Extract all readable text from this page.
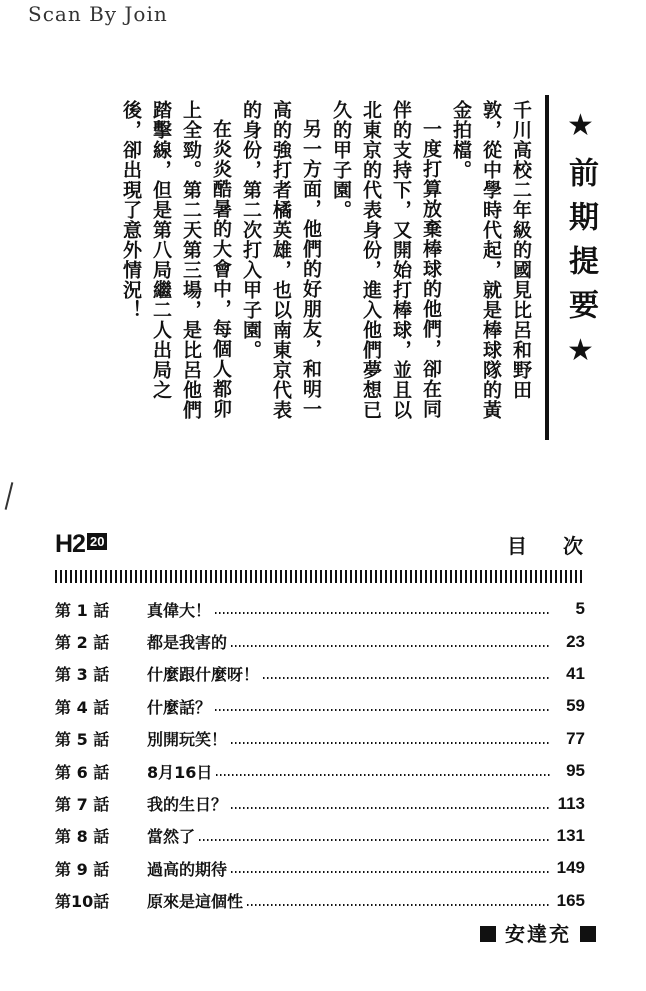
Scan By Join
★前期提要★

千川高校二年級的國見比呂和野田敦，從中學時代起，就是棒球隊的黃金拍檔。

一度打算放棄棒球的他們，卻在同伴的支持下，又開始打棒球，並且以北東京的代表身份，進入他們夢想已久的甲子園。

另一方面，他們的好朋友，和明一高的強打者橘英雄，也以南東京代表的身份，第二次打入甲子園。

在炎炎酷暑的大會中，每個人都卯上全勁。第二天第三場，是比呂他們踏擊線，但是第八局繼二人出局之後，卻出現了意外情況！

H2 20	目次
第 1 話	真偉大！	5
第 2 話	都是我害的	23
第 3 話	什麼跟什麼呀！	41
第 4 話	什麼話？	59
第 5 話	別開玩笑！	77
第 6 話	8月16日	95
第 7 話	我的生日？	113
第 8 話	當然了	131
第 9 話	過高的期待	149
第10話	原來是這個性	165
安達充
